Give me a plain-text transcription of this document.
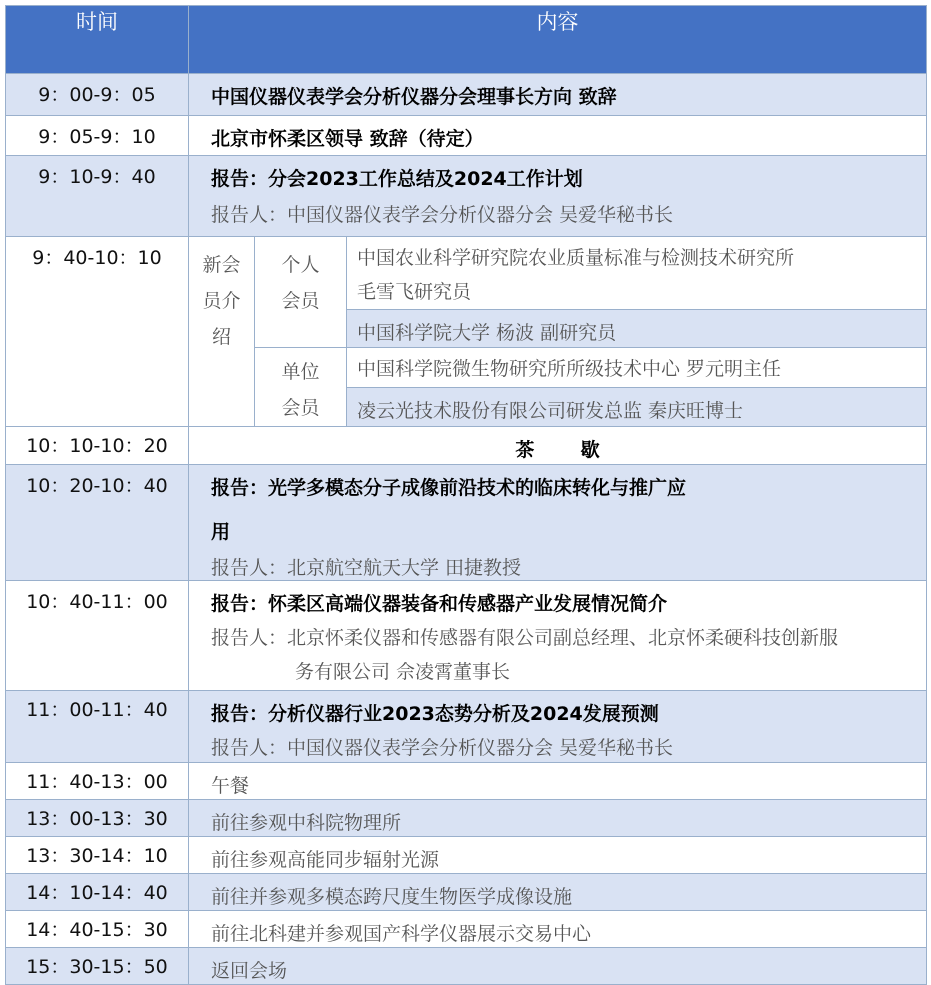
时间	内容		
9：00-9：05	中国仪器仪表学会分析仪器分会理事长方向 致辞		
9：05-9：10	北京市怀柔区领导 致辞（待定）		
9：10-9：40	报告：分会2023工作总结及2024工作计划
报告人：中国仪器仪表学会分析仪器分会 吴爱华秘书长		

9：40-10：10	新会员介绍	个人会员	中国农业科学研究院农业质量标准与检测技术研究所
毛雪飞研究员

			中国科学院大学 杨波 副研究员
		单位会员	中国科学院微生物研究所所级技术中心 罗元明主任
			凌云光技术股份有限公司研发总监 秦庆旺博士
10：10-10：20	茶       歇		
10：20-10：40	报告：光学多模态分子成像前沿技术的临床转化与推广应
用
报告人：北京航空航天大学 田捷教授		

10：40-11：00	报告：怀柔区高端仪器装备和传感器产业发展情况简介
报告人：北京怀柔仪器和传感器有限公司副总经理、北京怀柔硬科技创新服
务有限公司 佘凌霄董事长		

11：00-11：40	报告：分析仪器行业2023态势分析及2024发展预测
报告人：中国仪器仪表学会分析仪器分会 吴爱华秘书长		

11：40-13：00	午餐		
13：00-13：30	前往参观中科院物理所		
13：30-14：10	前往参观高能同步辐射光源		
14：10-14：40	前往并参观多模态跨尺度生物医学成像设施		
14：40-15：30	前往北科建并参观国产科学仪器展示交易中心		
15：30-15：50	返回会场		
